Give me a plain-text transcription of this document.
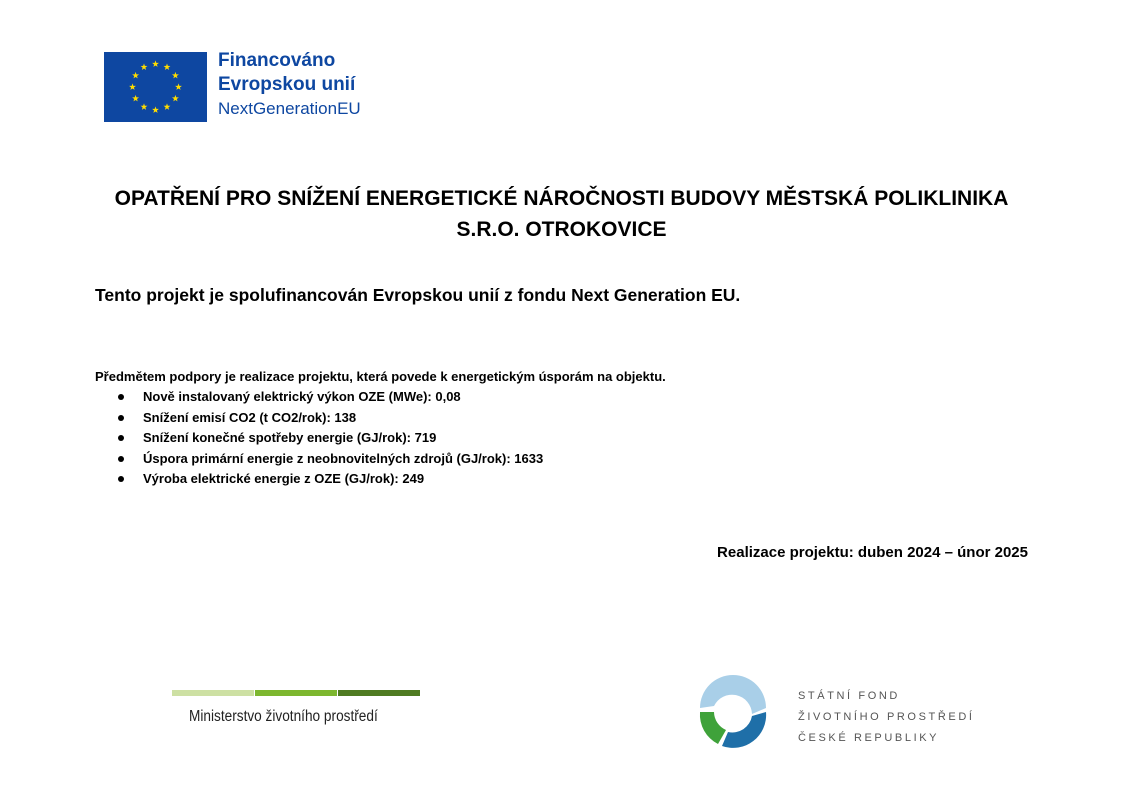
Financováno
Evropskou unií
NextGenerationEU
OPATŘENÍ PRO SNÍŽENÍ ENERGETICKÉ NÁROČNOSTI BUDOVY MĚSTSKÁ POLIKLINIKA
S.R.O. OTROKOVICE
Tento projekt je spolufinancován Evropskou unií z fondu Next Generation EU.
Předmětem podpory je realizace projektu, která povede k energetickým úsporám na objektu.
Nově instalovaný elektrický výkon OZE (MWe): 0,08
Snížení emisí CO2 (t CO2/rok): 138
Snížení konečné spotřeby energie (GJ/rok): 719
Úspora primární energie z neobnovitelných zdrojů (GJ/rok): 1633
Výroba elektrické energie z OZE (GJ/rok): 249
Realizace projektu: duben 2024 – únor 2025
Ministerstvo životního prostředí
STÁTNÍ FOND
ŽIVOTNÍHO PROSTŘEDÍ
ČESKÉ REPUBLIKY
